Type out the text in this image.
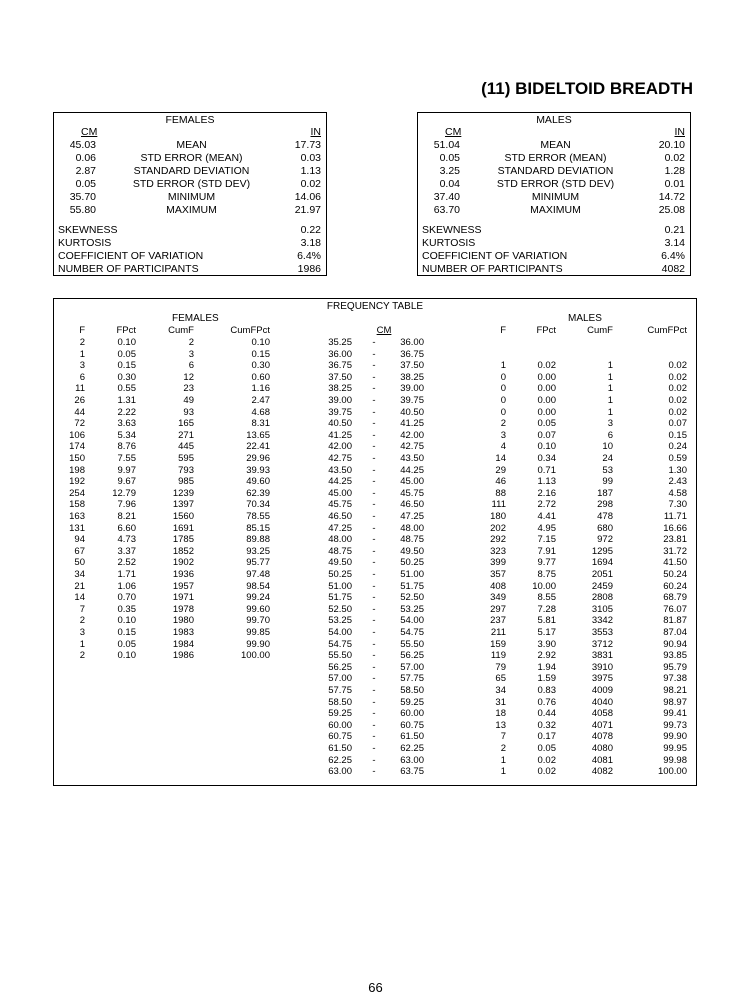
(11) BIDELTOID BREADTH
FEMALES
CM	IN
45.03	MEAN	17.73
0.06	STD ERROR (MEAN)	0.03
2.87	STANDARD DEVIATION	1.13
0.05	STD ERROR (STD DEV)	0.02
35.70	MINIMUM	14.06
55.80	MAXIMUM	21.97
SKEWNESS	0.22
KURTOSIS	3.18
COEFFICIENT OF VARIATION	6.4%
NUMBER OF PARTICIPANTS	1986
MALES
CM	IN
51.04	MEAN	20.10
0.05	STD ERROR (MEAN)	0.02
3.25	STANDARD DEVIATION	1.28
0.04	STD ERROR (STD DEV)	0.01
37.40	MINIMUM	14.72
63.70	MAXIMUM	25.08
SKEWNESS	0.21
KURTOSIS	3.14
COEFFICIENT OF VARIATION	6.4%
NUMBER OF PARTICIPANTS	4082
FREQUENCY TABLE
FEMALES	MALES
F	FPct	CumF	CumFPct	CM	F	FPct	CumF	CumFPct
2	0.10	2	0.10	35.25	-	36.00
1	0.05	3	0.15	36.00	-	36.75
3	0.15	6	0.30	36.75	-	37.50	1	0.02	1	0.02
6	0.30	12	0.60	37.50	-	38.25	0	0.00	1	0.02
11	0.55	23	1.16	38.25	-	39.00	0	0.00	1	0.02
26	1.31	49	2.47	39.00	-	39.75	0	0.00	1	0.02
44	2.22	93	4.68	39.75	-	40.50	0	0.00	1	0.02
72	3.63	165	8.31	40.50	-	41.25	2	0.05	3	0.07
106	5.34	271	13.65	41.25	-	42.00	3	0.07	6	0.15
174	8.76	445	22.41	42.00	-	42.75	4	0.10	10	0.24
150	7.55	595	29.96	42.75	-	43.50	14	0.34	24	0.59
198	9.97	793	39.93	43.50	-	44.25	29	0.71	53	1.30
192	9.67	985	49.60	44.25	-	45.00	46	1.13	99	2.43
254	12.79	1239	62.39	45.00	-	45.75	88	2.16	187	4.58
158	7.96	1397	70.34	45.75	-	46.50	111	2.72	298	7.30
163	8.21	1560	78.55	46.50	-	47.25	180	4.41	478	11.71
131	6.60	1691	85.15	47.25	-	48.00	202	4.95	680	16.66
94	4.73	1785	89.88	48.00	-	48.75	292	7.15	972	23.81
67	3.37	1852	93.25	48.75	-	49.50	323	7.91	1295	31.72
50	2.52	1902	95.77	49.50	-	50.25	399	9.77	1694	41.50
34	1.71	1936	97.48	50.25	-	51.00	357	8.75	2051	50.24
21	1.06	1957	98.54	51.00	-	51.75	408	10.00	2459	60.24
14	0.70	1971	99.24	51.75	-	52.50	349	8.55	2808	68.79
7	0.35	1978	99.60	52.50	-	53.25	297	7.28	3105	76.07
2	0.10	1980	99.70	53.25	-	54.00	237	5.81	3342	81.87
3	0.15	1983	99.85	54.00	-	54.75	211	5.17	3553	87.04
1	0.05	1984	99.90	54.75	-	55.50	159	3.90	3712	90.94
2	0.10	1986	100.00	55.50	-	56.25	119	2.92	3831	93.85
56.25	-	57.00	79	1.94	3910	95.79
57.00	-	57.75	65	1.59	3975	97.38
57.75	-	58.50	34	0.83	4009	98.21
58.50	-	59.25	31	0.76	4040	98.97
59.25	-	60.00	18	0.44	4058	99.41
60.00	-	60.75	13	0.32	4071	99.73
60.75	-	61.50	7	0.17	4078	99.90
61.50	-	62.25	2	0.05	4080	99.95
62.25	-	63.00	1	0.02	4081	99.98
63.00	-	63.75	1	0.02	4082	100.00

66
